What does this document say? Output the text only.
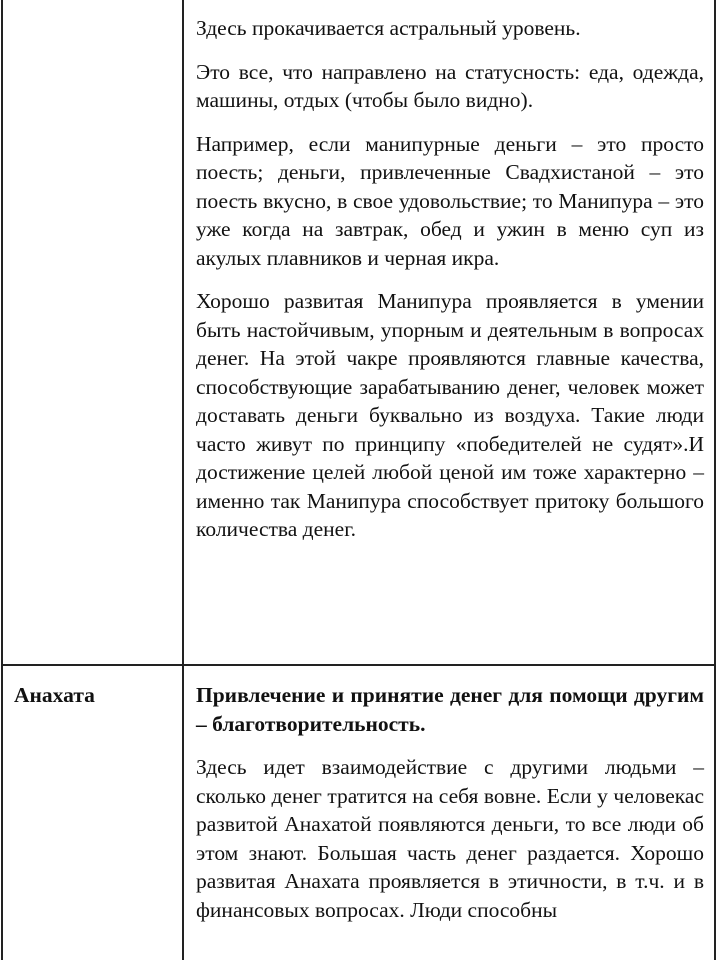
Здесь прокачивается астральный уровень.

Это все, что направлено на статусность: еда, одежда, машины, отдых (чтобы было видно).

Например, если манипурные деньги – это просто поесть; деньги, привлеченные Свадхистаной – это поесть вкусно, в свое удовольствие; то Манипура – это уже когда на завтрак, обед и ужин в меню суп из акулых плавников и черная икра.

Хорошо развитая Манипура проявляется в умении быть настойчивым, упорным и деятельным в вопросах денег. На этой чакре проявляются главные качества, способствующие зарабатыванию денег, человек может доставать деньги буквально из воздуха. Такие люди часто живут по принципу «победителей не судят».И достижение целей любой ценой им тоже характерно – именно так Манипура способствует притоку большого количества денег.

Анахата	Привлечение и принятие денег для помощи другим – благотворительность.

Здесь идет взаимодействие с другими людьми – сколько денег тратится на себя вовне. Если у человекас развитой Анахатой появляются деньги, то все люди об этом знают. Большая часть денег раздается. Хорошо развитая Анахата проявляется в этичности, в т.ч. и в финансовых вопросах. Люди способны
